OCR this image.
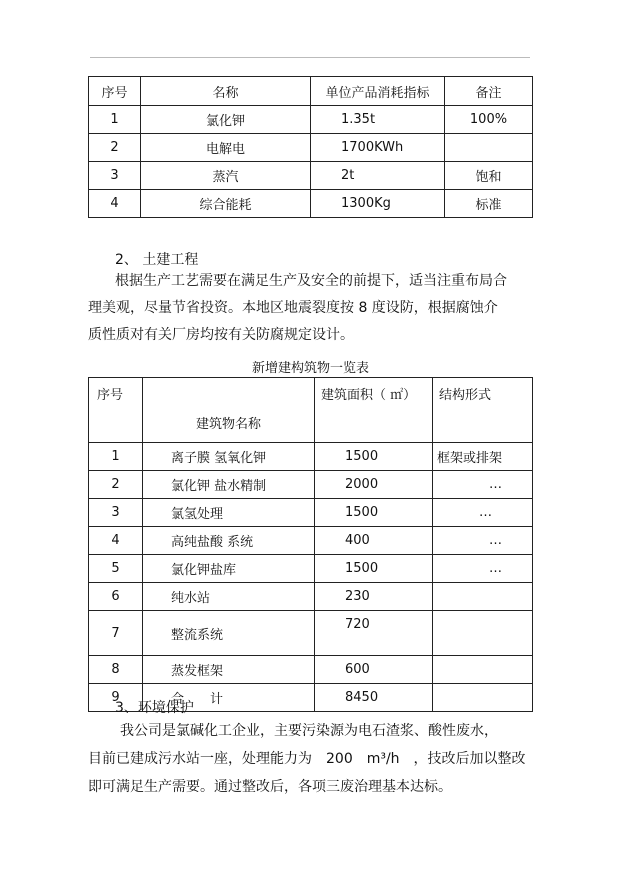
序号	名称	单位产品消耗指标	备注
1	氯化钾	1.35t	100%
2	电解电	1700KWh	
3	蒸汽	2t	饱和
4	综合能耗	1300Kg	标准
2、 土建工程
根据生产工艺需要在满足生产及安全的前提下，适当注重布局合
理美观，尽量节省投资。本地区地震裂度按 8 度设防，根据腐蚀介
质性质对有关厂房均按有关防腐规定设计。
新增建构筑物一览表
序号	建筑物名称	建筑面积（ ㎡）	结构形式
1	离子膜 氢氧化钾	1500	框架或排架
2	氯化钾 盐水精制	2000	…
3	氯氢处理	1500	…
4	高纯盐酸 系统	400	…
5	氯化钾盐库	1500	…
6	纯水站	230	
7	整流系统	720	
8	蒸发框架	600	
9	合　　计	8450	
3、环境保护
我公司是氯碱化工企业，主要污染源为电石渣浆、酸性废水，
目前已建成污水站一座，处理能力为　200　m³/h　，技改后加以整改
即可满足生产需要。通过整改后，各项三废治理基本达标。
